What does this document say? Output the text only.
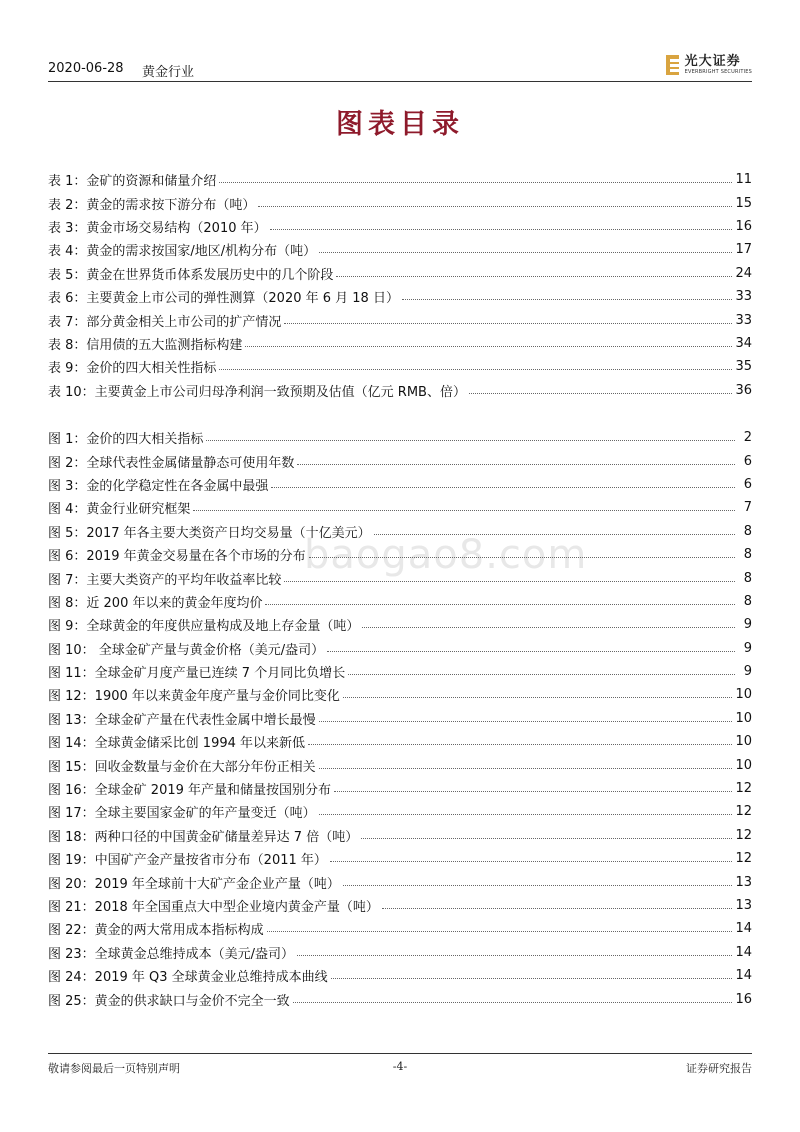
2020-06-28 黄金行业
光大证券
EVERBRIGHT SECURITIES
图表目录
baogao8.com
表 1：金矿的资源和储量介绍	11
表 2：黄金的需求按下游分布（吨）	15
表 3：黄金市场交易结构（2010 年）	16
表 4：黄金的需求按国家/地区/机构分布（吨）	17
表 5：黄金在世界货币体系发展历史中的几个阶段	24
表 6：主要黄金上市公司的弹性测算（2020 年 6 月 18 日）	33
表 7：部分黄金相关上市公司的扩产情况	33
表 8：信用债的五大监测指标构建	34
表 9：金价的四大相关性指标	35
表 10：主要黄金上市公司归母净利润一致预期及估值（亿元 RMB、倍）	36
图 1：金价的四大相关指标	2
图 2：全球代表性金属储量静态可使用年数	6
图 3：金的化学稳定性在各金属中最强	6
图 4：黄金行业研究框架	7
图 5：2017 年各主要大类资产日均交易量（十亿美元）	8
图 6：2019 年黄金交易量在各个市场的分布	8
图 7：主要大类资产的平均年收益率比较	8
图 8：近 200 年以来的黄金年度均价	8
图 9：全球黄金的年度供应量构成及地上存金量（吨）	9
图 10： 全球金矿产量与黄金价格（美元/盎司）	9
图 11：全球金矿月度产量已连续 7 个月同比负增长	9
图 12：1900 年以来黄金年度产量与金价同比变化	10
图 13：全球金矿产量在代表性金属中增长最慢	10
图 14：全球黄金储采比创 1994 年以来新低	10
图 15：回收金数量与金价在大部分年份正相关	10
图 16：全球金矿 2019 年产量和储量按国别分布	12
图 17：全球主要国家金矿的年产量变迁（吨）	12
图 18：两种口径的中国黄金矿储量差异达 7 倍（吨）	12
图 19：中国矿产金产量按省市分布（2011 年）	12
图 20：2019 年全球前十大矿产金企业产量（吨）	13
图 21：2018 年全国重点大中型企业境内黄金产量（吨）	13
图 22：黄金的两大常用成本指标构成	14
图 23：全球黄金总维持成本（美元/盎司）	14
图 24：2019 年 Q3 全球黄金业总维持成本曲线	14
图 25：黄金的供求缺口与金价不完全一致	16
敬请参阅最后一页特别声明	-4-	证券研究报告
